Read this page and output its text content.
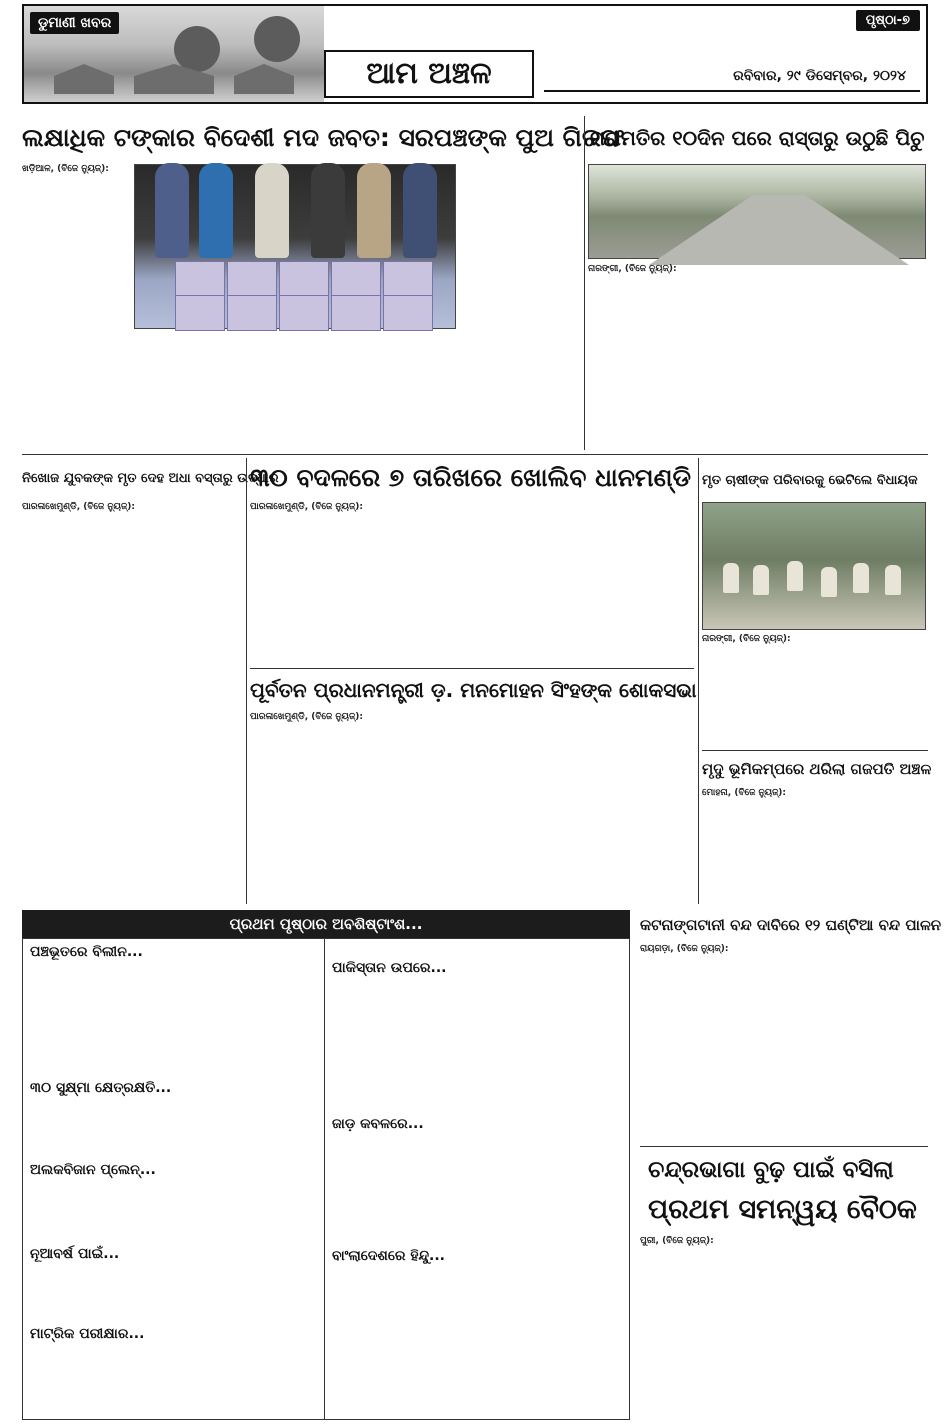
ଡୁମାଣୀ ଖବର
ଆମ ଅଞ୍ଚଳ
ପୃଷ୍ଠା-୭
ରବିବାର, ୨୯ ଡିସେମ୍ବର, ୨୦୨୪
ଲକ୍ଷାଧିକ ଟଙ୍କାର ବିଦେଶୀ ମଦ ଜବତ: ସରପଞ୍ଚଙ୍କ ପୁଅ ଗିରଫ
ମରାମତିର ୧୦ଦିନ ପରେ ରାସ୍ତାରୁ ଉଠୁଛି ପିଚୁ
ଖଡ଼ିଆଳ, (ବିଜେ ନ୍ୟୁଜ୍):
ନାରଙ୍ଗୀ, (ବିଜେ ନ୍ୟୁଜ୍):
ନିଖୋଜ ଯୁବକଙ୍କ ମୃତ ଦେହ ଅଧା ବସ୍ତାରୁ ଉଦ୍ଧାର
୩୦ ବଦଳରେ ୭ ତାରିଖରେ ଖୋଲିବ ଧାନମଣ୍ଡି ମୃତ ଚାଷୀଙ୍କ ପରିବାରକୁ ଭେଟିଲେ ବିଧାୟକ
ପାରଳାଖେମୁଣ୍ଡି, (ବିଜେ ନ୍ୟୁଜ୍):	ପାରଳାଖେମୁଣ୍ଡି, (ବିଜେ ନ୍ୟୁଜ୍):
ନାରଙ୍ଗୀ, (ବିଜେ ନ୍ୟୁଜ୍):
ପୂର୍ବତନ ପ୍ରଧାନମନ୍ତ୍ରୀ ଡ଼. ମନମୋହନ ସିଂହଙ୍କ ଶୋକସଭା
ପାରଳାଖେମୁଣ୍ଡି, (ବିଜେ ନ୍ୟୁଜ୍):
ମୃଦୁ ଭୂମିକମ୍ପରେ ଥରିଲା ଗଜପତି ଅଞ୍ଚଳ
ମୋହନା, (ବିଜେ ନ୍ୟୁଜ୍):
ପ୍ରଥମ ପୃଷ୍ଠାର ଅବଶିଷ୍ଟାଂଶ...
ପଞ୍ଚଭୂତରେ ବିଲୀନ...
୩୦ ସୁକ୍ଷ୍ମା କ୍ଷେତ୍ରକ୍ଷତି...
ଅଲକବିଜାନ ପ୍ଲେନ୍...
ନୂଆବର୍ଷ ପାଇଁ...
ମାଟ୍ରିକ ପରୀକ୍ଷାର...
ପାକିସ୍ତାନ ଉପରେ...
ଜାଡ଼ କବଳରେ...
ବାଂଲାଦେଶରେ ହିନ୍ଦୁ...
କଟନାଙ୍ଗଟାନୀ ବନ୍ଦ ଦାବିରେ ୧୨ ଘଣ୍ଟିଆ ବନ୍ଦ ପାଳନ
ରାୟଗଡ଼ା, (ବିଜେ ନ୍ୟୁଜ୍):
ଚନ୍ଦ୍ରଭାଗା ବୁଢ଼ ପାଇଁ ବସିଲା
ପ୍ରଥମ ସମନ୍ୱୟ ବୈଠକ
ପୁରୀ, (ବିଜେ ନ୍ୟୁଜ୍):
